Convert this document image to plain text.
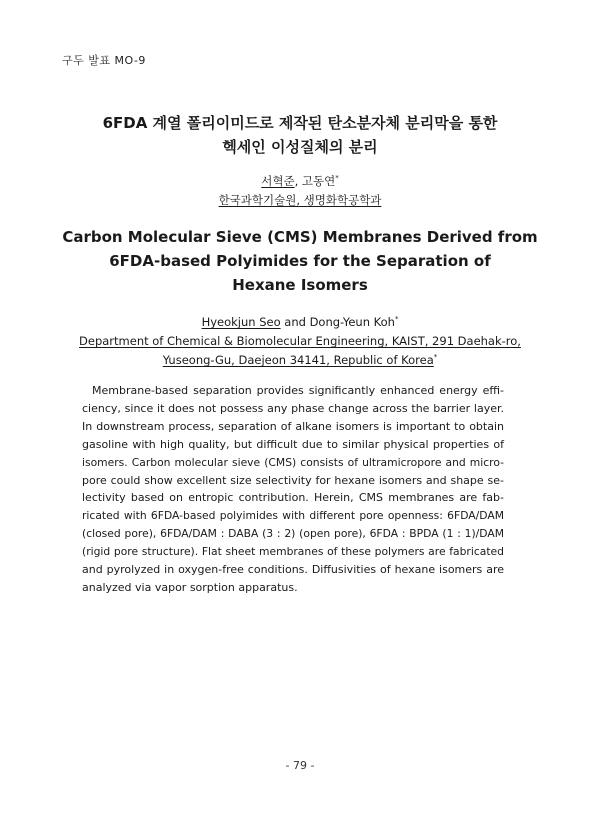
구두 발표 MO-9
6FDA 계열 폴리이미드로 제작된 탄소분자체 분리막을 통한
헥세인 이성질체의 분리
서혁준, 고동연*
한국과학기술원, 생명화학공학과
Carbon Molecular Sieve (CMS) Membranes Derived from
6FDA-based Polyimides for the Separation of
Hexane Isomers
Hyeokjun Seo and Dong-Yeun Koh*
Department of Chemical & Biomolecular Engineering, KAIST, 291 Daehak-ro,
Yuseong-Gu, Daejeon 34141, Republic of Korea*
Membrane-based separation provides significantly enhanced energy effi-
ciency, since it does not possess any phase change across the barrier layer.
In downstream process, separation of alkane isomers is important to obtain
gasoline with high quality, but difficult due to similar physical properties of
isomers. Carbon molecular sieve (CMS) consists of ultramicropore and micro-
pore could show excellent size selectivity for hexane isomers and shape se-
lectivity based on entropic contribution. Herein, CMS membranes are fab-
ricated with 6FDA-based polyimides with different pore openness: 6FDA/DAM
(closed pore), 6FDA/DAM : DABA (3 : 2) (open pore), 6FDA : BPDA (1 : 1)/DAM
(rigid pore structure). Flat sheet membranes of these polymers are fabricated
and pyrolyzed in oxygen-free conditions. Diffusivities of hexane isomers are
analyzed via vapor sorption apparatus.
- 79 -
